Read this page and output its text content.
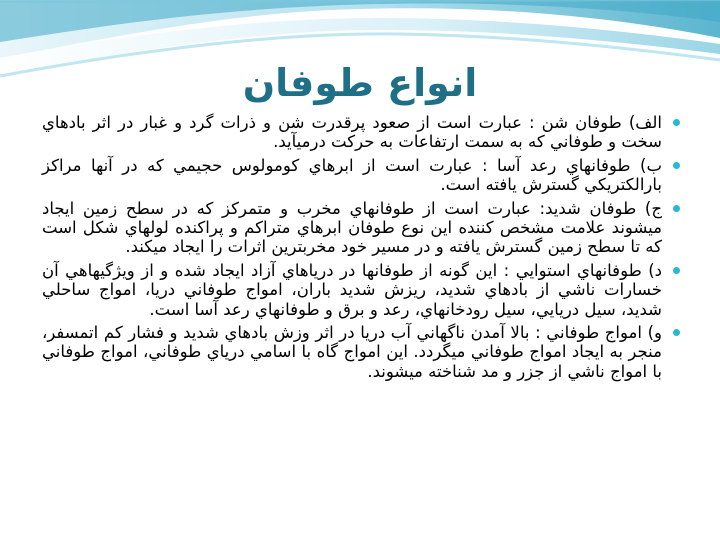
انواع طوفان
الف) طوفان شن : عبارت است از صعود پرقدرت شن و ذرات گرد و غبار در اثر بادهاي سخت و طوفاني كه به سمت ارتفاعات به حركت درميآيد.
ب) طوفانهاي رعد آسا : عبارت است از ابرهاي كومولوس حجيمي كه در آنها مراكز بارالكتريكي گسترش يافته است.
ج) طوفان شديد: عبارت است از طوفانهاي مخرب و متمركز كه در سطح زمين ايجاد ميشوند علامت مشخص كننده اين نوع طوفان ابرهاي متراكم و پراكنده لولهاي شكل است كه تا سطح زمين گسترش يافته و در مسير خود مخربترين اثرات را ايجاد ميكند.
د) طوفانهاي استوايي : اين گونه از طوفانها در درياهاي آزاد ايجاد شده و از ويژگيهاهي آن خسارات ناشي از بادهاي شديد، ريزش شديد باران، امواج طوفاني دريا، امواج ساحلي شديد، سيل دريايي، سيل رودخانهاي، رعد و برق و طوفانهاي رعد آسا است.
و) امواج طوفاني : بالا آمدن ناگهاني آب دريا در اثر وزش بادهاي شديد و فشار كم اتمسفر، منجر به ايجاد امواج طوفاني ميگردد. اين امواج گاه با اسامي درياي طوفاني، امواج طوفاني با امواج ناشي از جزر و مد شناخته ميشوند.
